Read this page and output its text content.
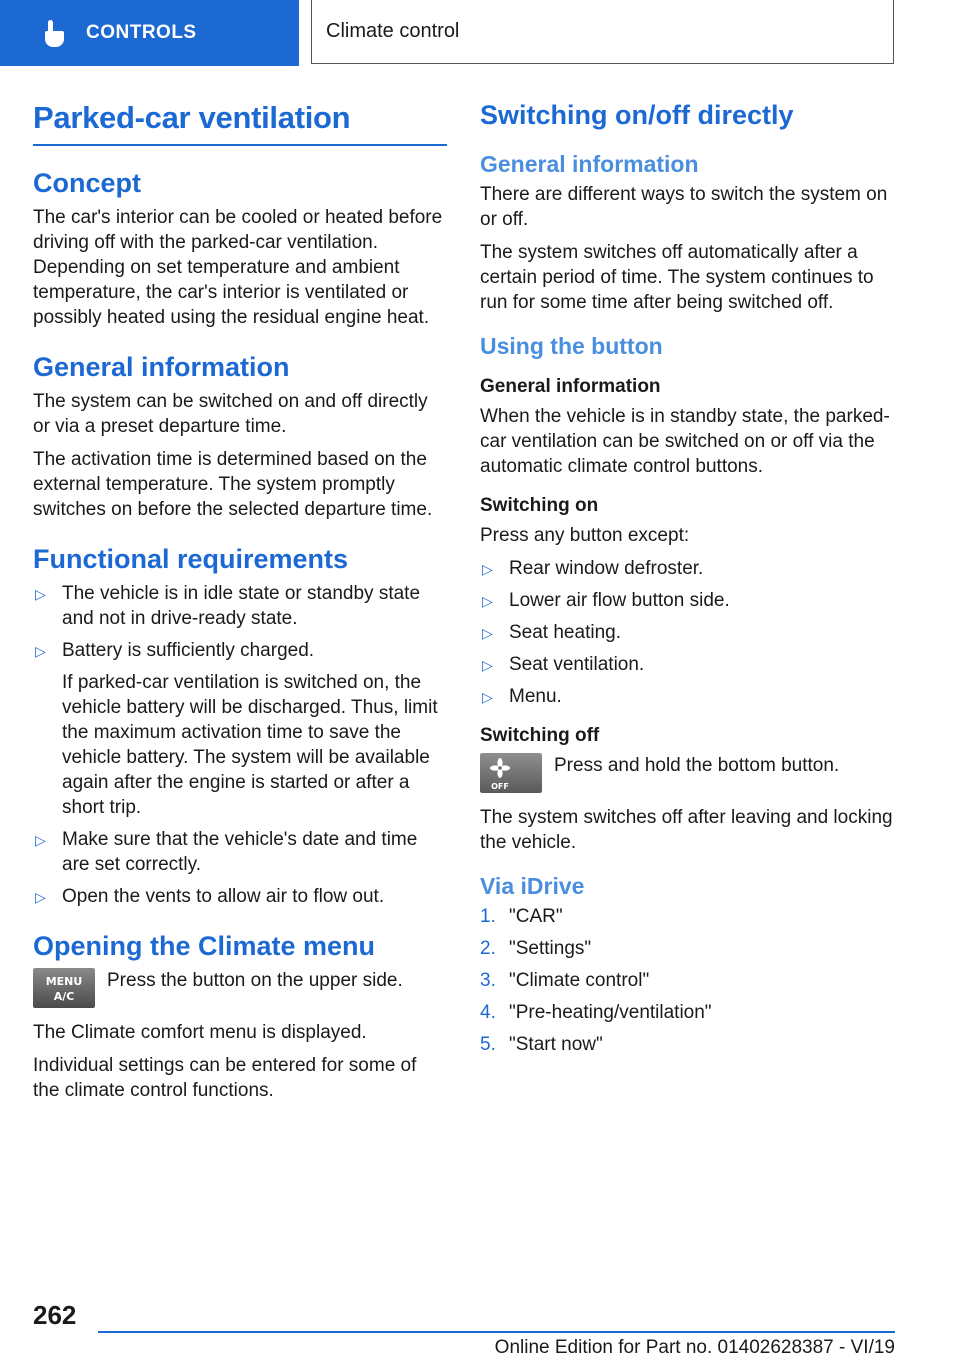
CONTROLS	Climate control
Parked-car ventilation
Concept

The car's interior can be cooled or heated before driving off with the parked-car ventilation. Depending on set temperature and ambient temperature, the car's interior is ventilated or possibly heated using the residual engine heat.

General information

The system can be switched on and off directly or via a preset departure time.

The activation time is determined based on the external temperature. The system promptly switches on before the selected departure time.

Functional requirements
▷ The vehicle is in idle state or standby state and not in drive-ready state.
▷ Battery is sufficiently charged.
If parked-car ventilation is switched on, the vehicle battery will be discharged. Thus, limit the maximum activation time to save the vehicle battery. The system will be available again after the engine is started or after a short trip.
▷ Make sure that the vehicle's date and time are set correctly.
▷ Open the vents to allow air to flow out.
Opening the Climate menu
MENU
A/C

Press the button on the upper side.

The Climate comfort menu is displayed.

Individual settings can be entered for some of the climate control functions.

Switching on/off directly
General information

There are different ways to switch the system on or off.

The system switches off automatically after a certain period of time. The system continues to run for some time after being switched off.

Using the button
General information

When the vehicle is in standby state, the parked-car ventilation can be switched on or off via the automatic climate control buttons.

Switching on

Press any button except:

▷ Rear window defroster.
▷ Lower air flow button side.
▷ Seat heating.
▷ Seat ventilation.
▷ Menu.
Switching off
OFF

Press and hold the bottom button.

The system switches off after leaving and locking the vehicle.

Via iDrive
1. "CAR"
2. "Settings"
3. "Climate control"
4. "Pre-heating/ventilation"
5. "Start now"
262
Online Edition for Part no. 01402628387 - VI/19
